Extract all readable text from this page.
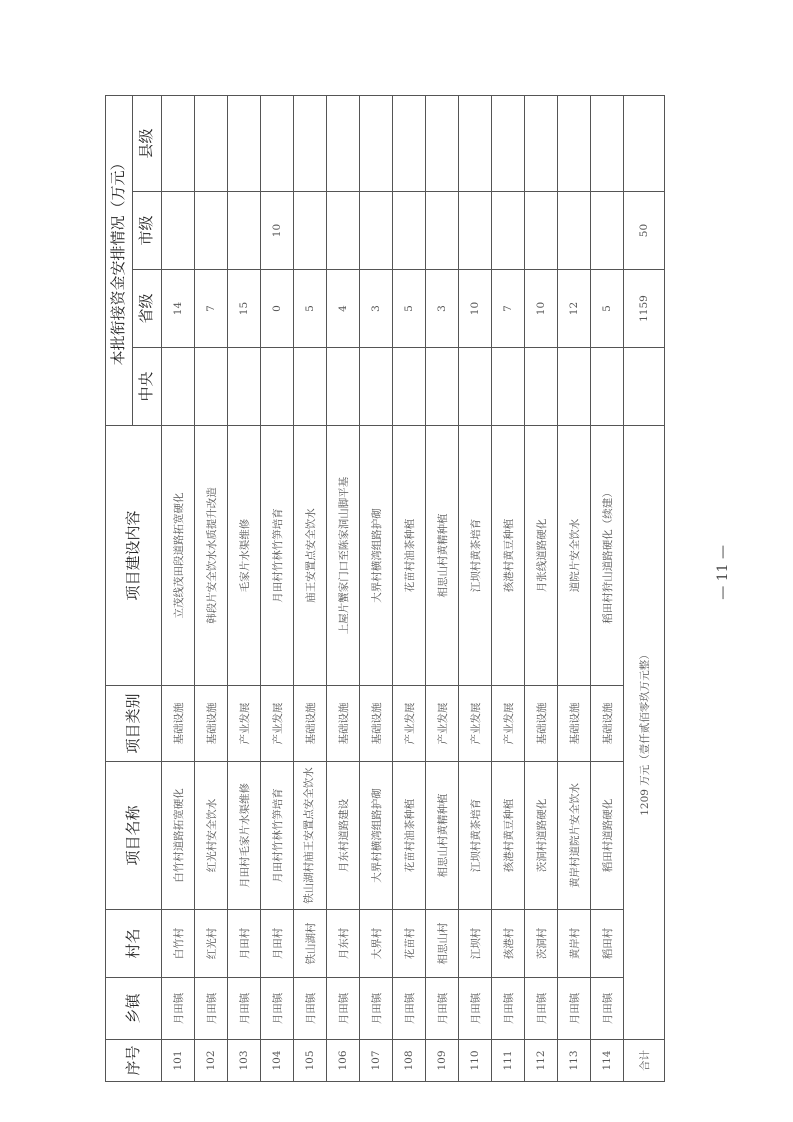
— 11 —
序号	乡镇	村名	项目名称	项目类别	项目建设内容	本批衔接资金安排情况（万元）			
						中央	省级	市级	县级
101	月田镇	白竹村	白竹村道路拓宽硬化	基础设施	立茂线茂田段道路拓宽硬化		14		
102	月田镇	红光村	红光村安全饮水	基础设施	韩段片安全饮水水质提升改造		7		
103	月田镇	月田村	月田村毛家片水渠维修	产业发展	毛家片水渠维修		15		
104	月田镇	月田村	月田村竹林竹笋培育	产业发展	月田村竹林竹笋培育		0	10	
105	月田镇	铁山湖村	铁山湖村庙王安置点安全饮水	基础设施	庙王安置点安全饮水		5		
106	月田镇	月东村	月东村道路建设	基础设施	上屋片蟹家门口至陈家洞山脚平基		4		
107	月田镇	大界村	大界村横湾组路护砌	基础设施	大界村横湾组路护砌		3		
108	月田镇	花苗村	花苗村油茶种植	产业发展	花苗村油茶种植		5		
109	月田镇	相思山村	相思山村黄精种植	产业发展	相思山村黄精种植		3		
110	月田镇	江坝村	江坝村黄茶培育	产业发展	江坝村黄茶培育		10		
111	月田镇	孩港村	孩港村黄豆种植	产业发展	孩港村黄豆种植		7		
112	月田镇	茨洞村	茨洞村道路硬化	基础设施	月张线道路硬化		10		
113	月田镇	黄岸村	黄岸村道院片安全饮水	基础设施	道院片安全饮水		12		
114	月田镇	稻田村	稻田村道路硬化	基础设施	稻田村狩山道路硬化（续建）		5		
合计	1209 万元（壹仟贰佰零玖万元整）						1159	50	
